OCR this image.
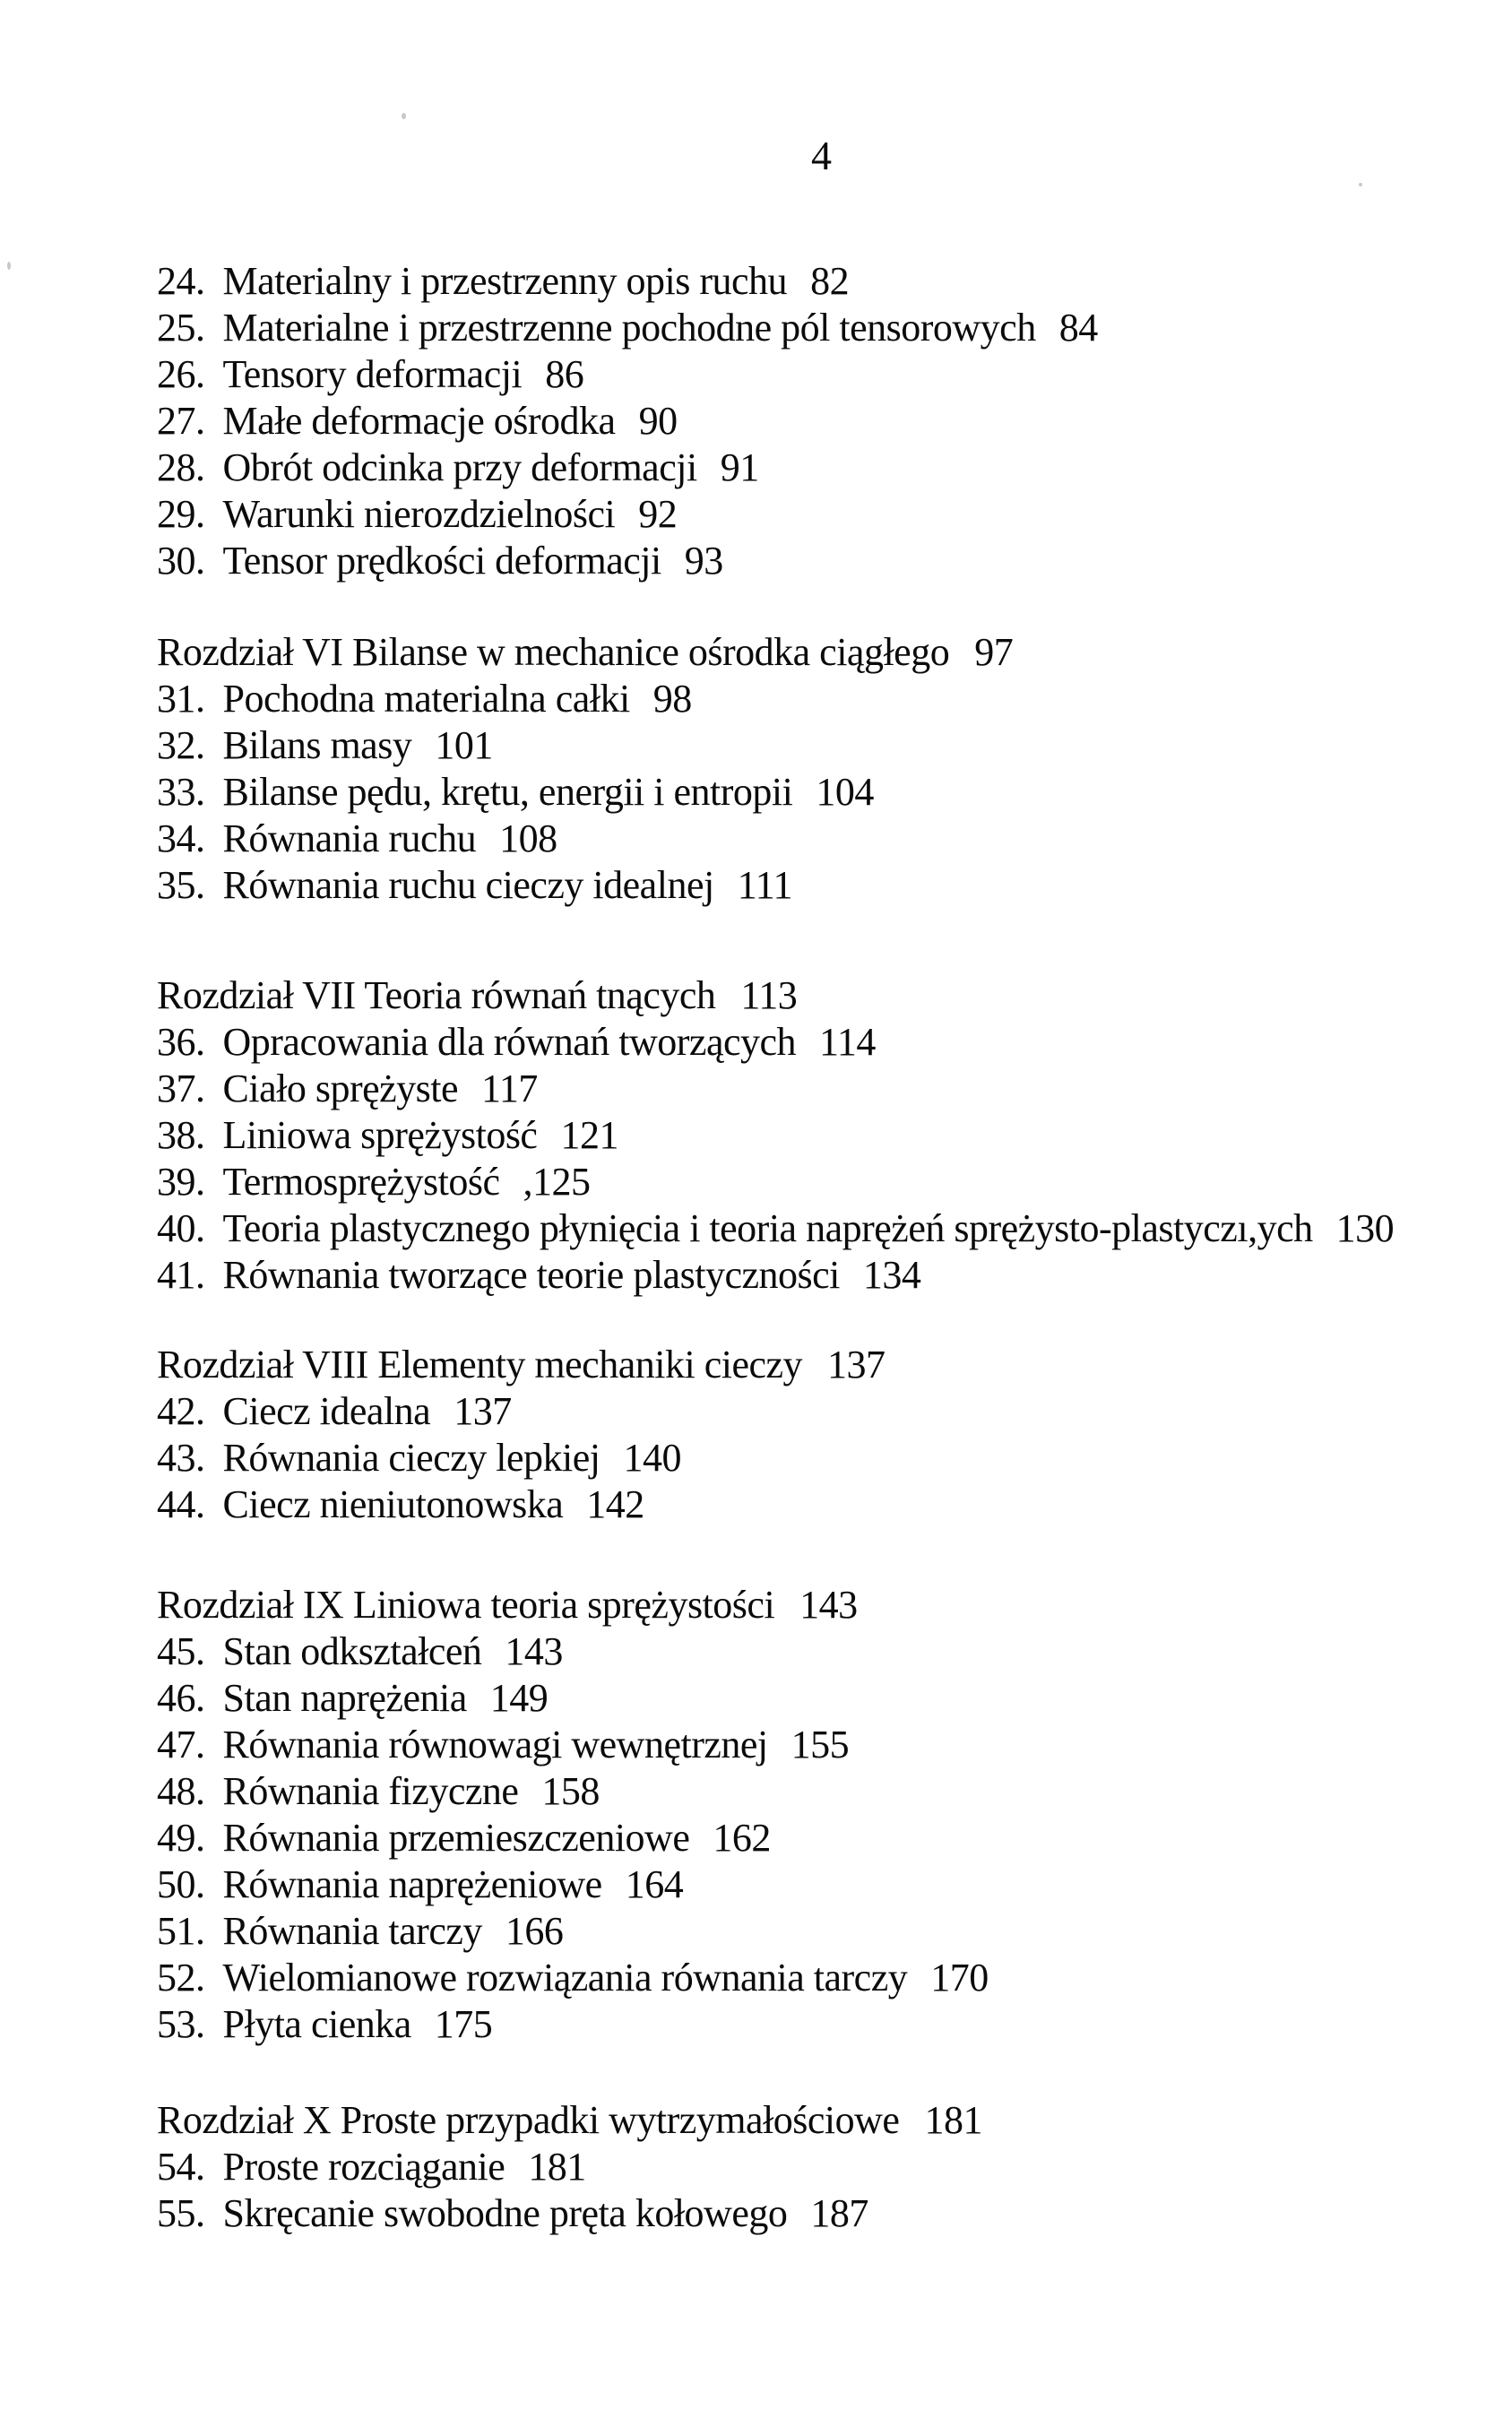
4
24. Materialny i przestrzenny opis ruchu 82
25. Materialne i przestrzenne pochodne pól tensorowych 84
26. Tensory deformacji 86
27. Małe deformacje ośrodka 90
28. Obrót odcinka przy deformacji 91
29. Warunki nierozdzielności 92
30. Tensor prędkości deformacji 93
Rozdział VI Bilanse w mechanice ośrodka ciągłego 97
31. Pochodna materialna całki 98
32. Bilans masy 101
33. Bilanse pędu, krętu, energii i entropii 104
34. Równania ruchu 108
35. Równania ruchu cieczy idealnej 111
Rozdział VII Teoria równań tnących 113
36. Opracowania dla równań tworzących 114
37. Ciało sprężyste 117
38. Liniowa sprężystość 121
39. Termosprężystość ,125
40. Teoria plastycznego płynięcia i teoria naprężeń sprężysto-plastyczı,ych 130
41. Równania tworzące teorie plastyczności 134
Rozdział VIII Elementy mechaniki cieczy 137
42. Ciecz idealna 137
43. Równania cieczy lepkiej 140
44. Ciecz nieniutonowska 142
Rozdział IX Liniowa teoria sprężystości 143
45. Stan odkształceń 143
46. Stan naprężenia 149
47. Równania równowagi wewnętrznej 155
48. Równania fizyczne 158
49. Równania przemieszczeniowe 162
50. Równania naprężeniowe 164
51. Równania tarczy 166
52. Wielomianowe rozwiązania równania tarczy 170
53. Płyta cienka 175
Rozdział X Proste przypadki wytrzymałościowe 181
54. Proste rozciąganie 181
55. Skręcanie swobodne pręta kołowego 187
